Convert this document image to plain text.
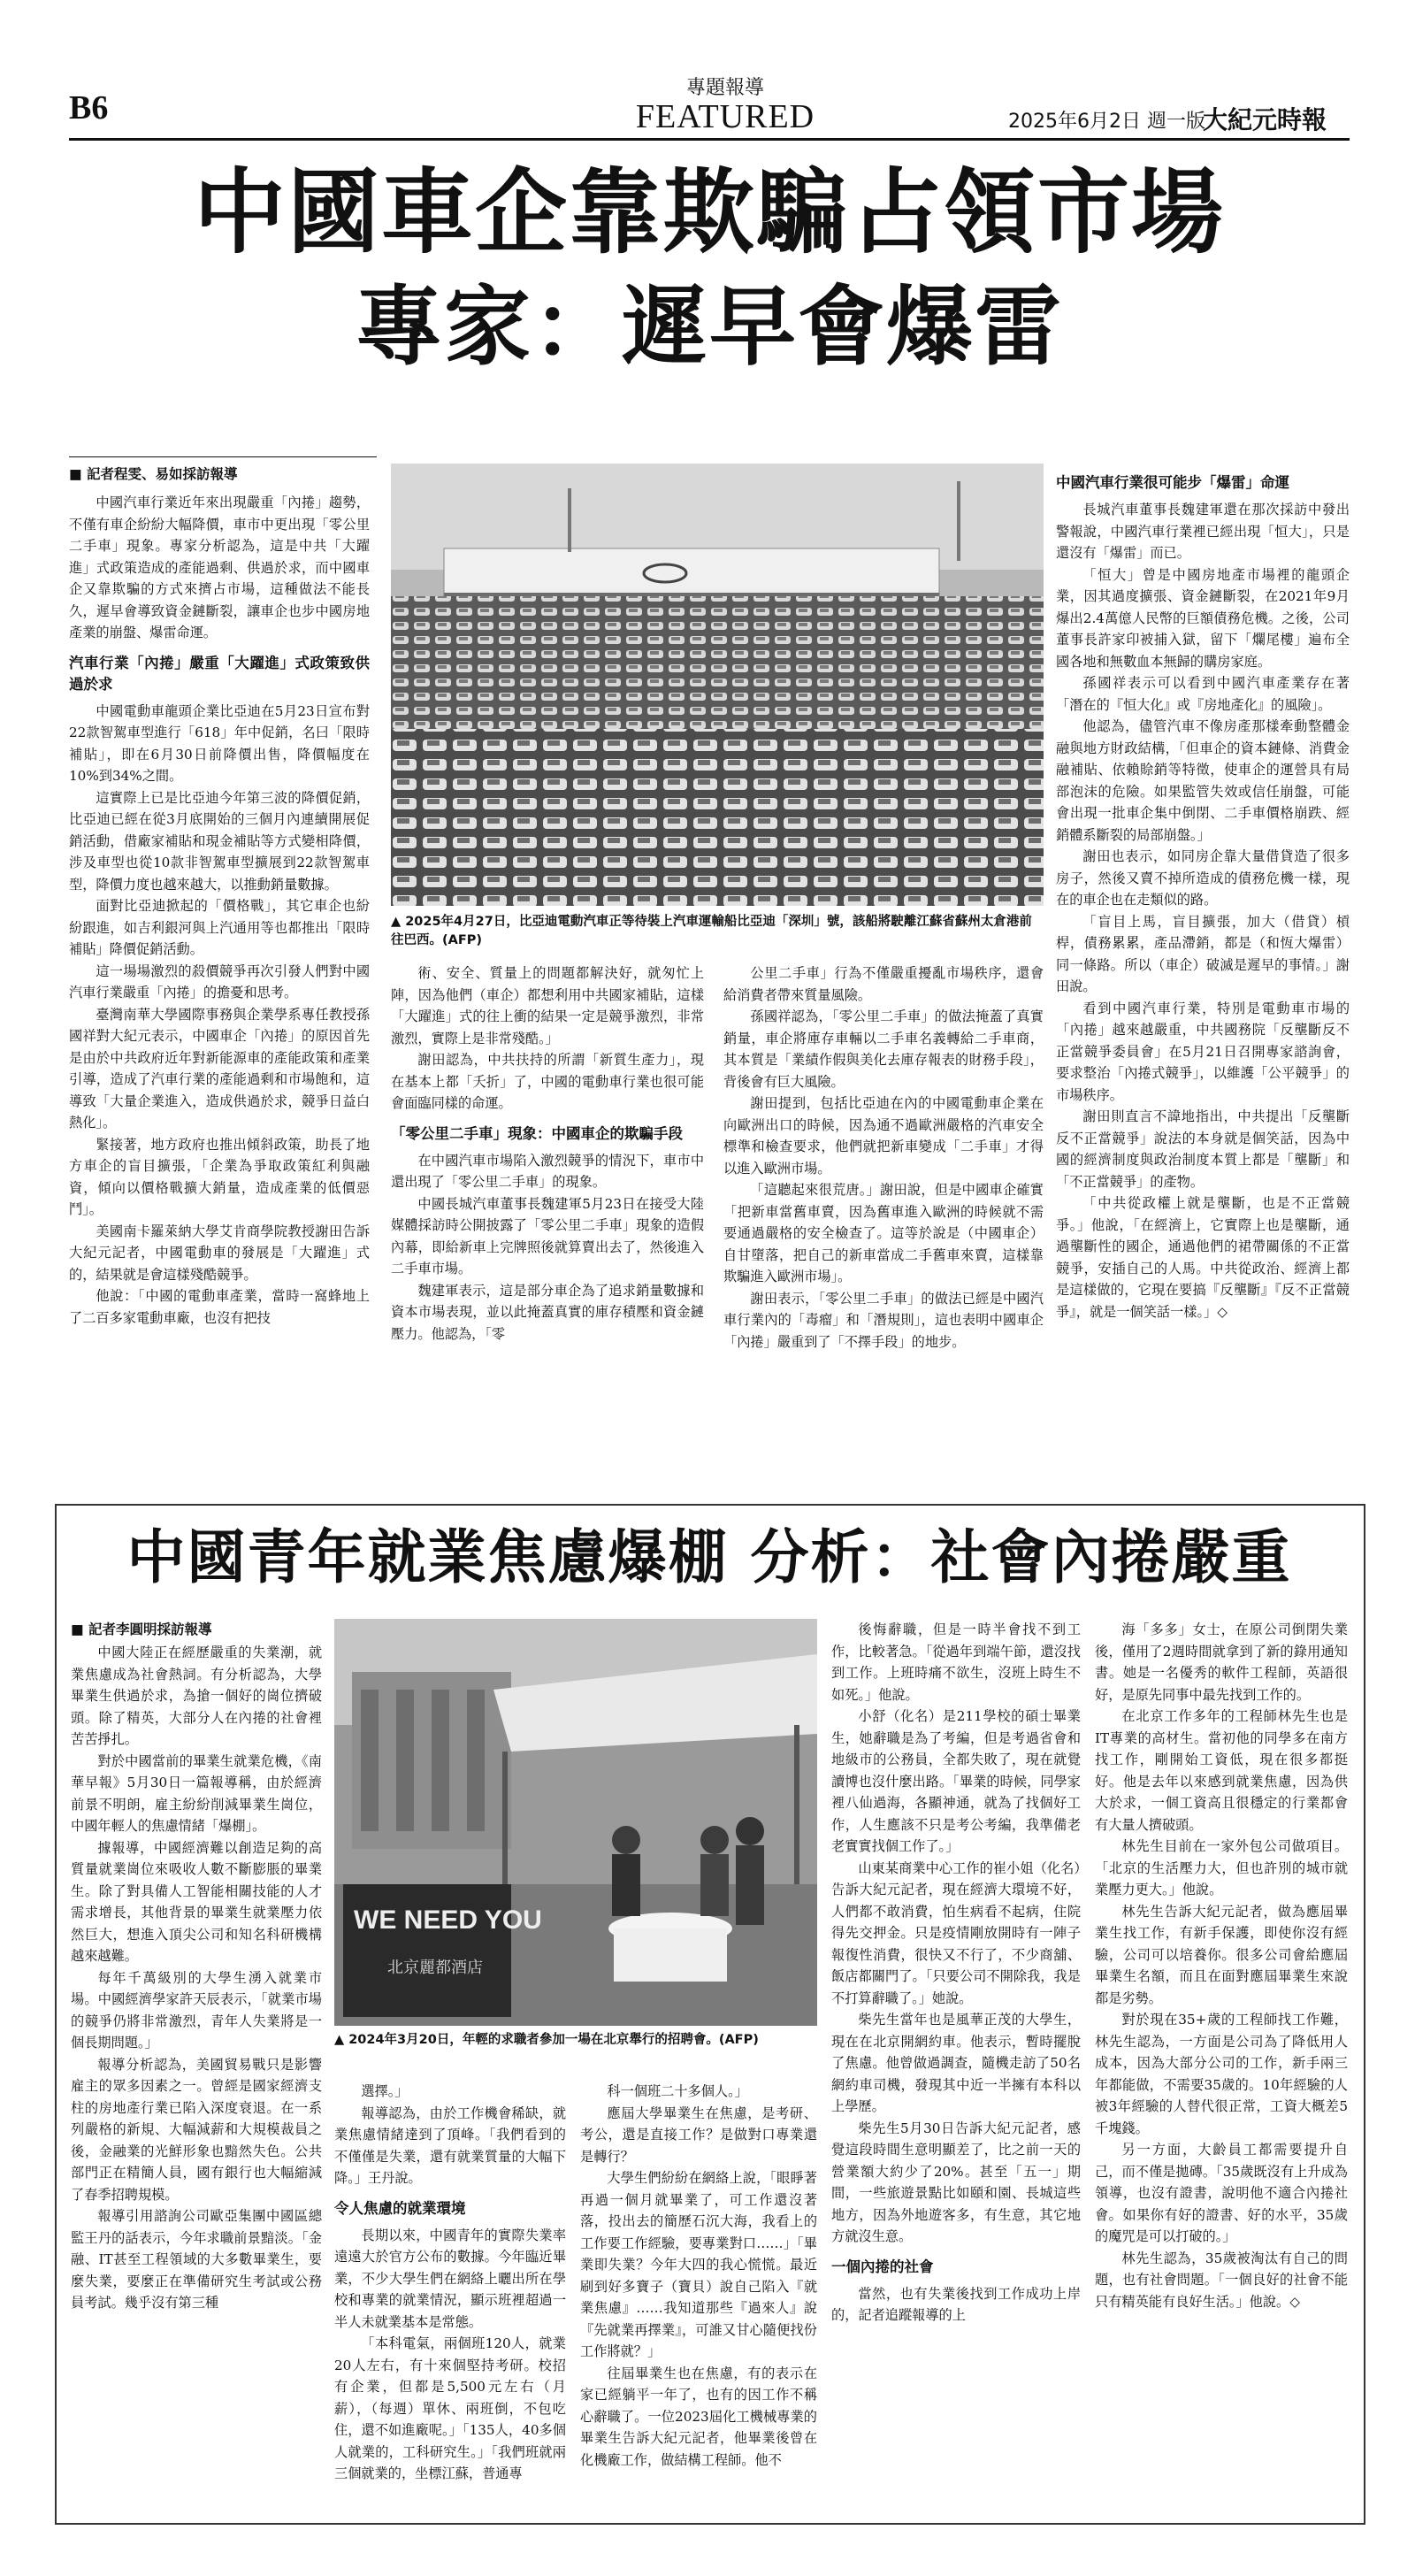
B6
專題報導
FEATURED	2025年6月2日 週一版
大紀元時報
中國車企靠欺騙占領市場
專家：遲早會爆雷
■ 記者程雯、易如採訪報導

中國汽車行業近年來出現嚴重「內捲」趨勢，不僅有車企紛紛大幅降價，車市中更出現「零公里二手車」現象。專家分析認為，這是中共「大躍進」式政策造成的產能過剩、供過於求，而中國車企又靠欺騙的方式來擠占市場，這種做法不能長久，遲早會導致資金鏈斷裂，讓車企也步中國房地產業的崩盤、爆雷命運。

汽車行業「內捲」嚴重「大躍進」式政策致供過於求

中國電動車龍頭企業比亞迪在5月23日宣布對22款智駕車型進行「618」年中促銷，名曰「限時補貼」，即在6月30日前降價出售，降價幅度在10%到34%之間。

這實際上已是比亞迪今年第三波的降價促銷，比亞迪已經在從3月底開始的三個月內連續開展促銷活動，借廠家補貼和現金補貼等方式變相降價，涉及車型也從10款非智駕車型擴展到22款智駕車型，降價力度也越來越大，以推動銷量數據。

面對比亞迪掀起的「價格戰」，其它車企也紛紛跟進，如吉利銀河與上汽通用等也都推出「限時補貼」降價促銷活動。

這一場場激烈的殺價競爭再次引發人們對中國汽車行業嚴重「內捲」的擔憂和思考。

臺灣南華大學國際事務與企業學系專任教授孫國祥對大紀元表示，中國車企「內捲」的原因首先是由於中共政府近年對新能源車的產能政策和產業引導，造成了汽車行業的產能過剩和市場飽和，這導致「大量企業進入，造成供過於求，競爭日益白熱化」。

緊接著，地方政府也推出傾斜政策，助長了地方車企的盲目擴張，「企業為爭取政策紅利與融資，傾向以價格戰擴大銷量，造成產業的低價惡鬥」。

美國南卡羅萊納大學艾肯商學院教授謝田告訴大紀元記者，中國電動車的發展是「大躍進」式的，結果就是會這樣殘酷競爭。

他說：「中國的電動車產業，當時一窩蜂地上了二百多家電動車廠，也沒有把技

▲ 2025年4月27日，比亞迪電動汽車正等待裝上汽車運輸船比亞迪「深圳」號，該船將駛離江蘇省蘇州太倉港前往巴西。(AFP)

術、安全、質量上的問題都解決好，就匆忙上陣，因為他們（車企）都想利用中共國家補貼，這樣「大躍進」式的往上衝的結果一定是競爭激烈，非常激烈，實際上是非常殘酷。」

謝田認為，中共扶持的所謂「新質生產力」，現在基本上都「夭折」了，中國的電動車行業也很可能會面臨同樣的命運。

「零公里二手車」現象：中國車企的欺騙手段

在中國汽車市場陷入激烈競爭的情況下，車市中還出現了「零公里二手車」的現象。

中國長城汽車董事長魏建軍5月23日在接受大陸媒體採訪時公開披露了「零公里二手車」現象的造假內幕，即給新車上完牌照後就算賣出去了，然後進入二手車市場。

魏建軍表示，這是部分車企為了追求銷量數據和資本市場表現，並以此掩蓋真實的庫存積壓和資金鏈壓力。他認為，「零

公里二手車」行為不僅嚴重擾亂市場秩序，還會給消費者帶來質量風險。

孫國祥認為，「零公里二手車」的做法掩蓋了真實銷量，車企將庫存車輛以二手車名義轉給二手車商，其本質是「業績作假與美化去庫存報表的財務手段」，背後會有巨大風險。

謝田提到，包括比亞迪在內的中國電動車企業在向歐洲出口的時候，因為通不過歐洲嚴格的汽車安全標準和檢查要求，他們就把新車變成「二手車」才得以進入歐洲市場。

「這聽起來很荒唐。」謝田說，但是中國車企確實「把新車當舊車賣，因為舊車進入歐洲的時候就不需要通過嚴格的安全檢查了。這等於說是（中國車企）自甘墮落，把自己的新車當成二手舊車來賣，這樣靠欺騙進入歐洲市場」。

謝田表示，「零公里二手車」的做法已經是中國汽車行業內的「毒瘤」和「潛規則」，這也表明中國車企「內捲」嚴重到了「不擇手段」的地步。

中國汽車行業很可能步「爆雷」命運

長城汽車董事長魏建軍還在那次採訪中發出警報說，中國汽車行業裡已經出現「恒大」，只是還沒有「爆雷」而已。

「恒大」曾是中國房地產市場裡的龍頭企業，因其過度擴張、資金鏈斷裂，在2021年9月爆出2.4萬億人民幣的巨額債務危機。之後，公司董事長許家印被捕入獄，留下「爛尾樓」遍布全國各地和無數血本無歸的購房家庭。

孫國祥表示可以看到中國汽車產業存在著「潛在的『恒大化』或『房地產化』的風險」。

他認為，儘管汽車不像房產那樣牽動整體金融與地方財政結構，「但車企的資本鏈條、消費金融補貼、依賴賒銷等特徵，使車企的運營具有局部泡沫的危險。如果監管失效或信任崩盤，可能會出現一批車企集中倒閉、二手車價格崩跌、經銷體系斷裂的局部崩盤。」

謝田也表示，如同房企靠大量借貸造了很多房子，然後又賣不掉所造成的債務危機一樣，現在的車企也在走類似的路。

「盲目上馬，盲目擴張，加大（借貸）槓桿，債務累累，產品滯銷，都是（和恆大爆雷）同一條路。所以（車企）破滅是遲早的事情。」謝田說。

看到中國汽車行業，特別是電動車市場的「內捲」越來越嚴重，中共國務院「反壟斷反不正當競爭委員會」在5月21日召開專家諮詢會，要求整治「內捲式競爭」，以維護「公平競爭」的市場秩序。

謝田則直言不諱地指出，中共提出「反壟斷反不正當競爭」說法的本身就是個笑話，因為中國的經濟制度與政治制度本質上都是「壟斷」和「不正當競爭」的產物。

「中共從政權上就是壟斷，也是不正當競爭。」他說，「在經濟上，它實際上也是壟斷，通過壟斷性的國企，通過他們的裙帶關係的不正當競爭，安插自己的人馬。中共從政治、經濟上都是這樣做的，它現在要搞『反壟斷』『反不正當競爭』，就是一個笑話一樣。」◇

中國青年就業焦慮爆棚 分析：社會內捲嚴重
■ 記者李圓明採訪報導

中國大陸正在經歷嚴重的失業潮，就業焦慮成為社會熱詞。有分析認為，大學畢業生供過於求，為搶一個好的崗位擠破頭。除了精英，大部分人在內捲的社會裡苦苦掙扎。

對於中國當前的畢業生就業危機，《南華早報》5月30日一篇報導稱，由於經濟前景不明朗，雇主紛紛削減畢業生崗位，中國年輕人的焦慮情緒「爆棚」。

據報導，中國經濟難以創造足夠的高質量就業崗位來吸收人數不斷膨脹的畢業生。除了對具備人工智能相關技能的人才需求增長，其他背景的畢業生就業壓力依然巨大，想進入頂尖公司和知名科研機構越來越難。

每年千萬級別的大學生湧入就業市場。中國經濟學家許天辰表示，「就業市場的競爭仍將非常激烈，青年人失業將是一個長期問題。」

報導分析認為，美國貿易戰只是影響雇主的眾多因素之一。曾經是國家經濟支柱的房地產行業已陷入深度衰退。在一系列嚴格的新規、大幅減薪和大規模裁員之後，金融業的光鮮形象也黯然失色。公共部門正在精簡人員，國有銀行也大幅縮減了春季招聘規模。

報導引用諮詢公司歐亞集團中國區總監王丹的話表示，今年求職前景黯淡。「金融、IT甚至工程領域的大多數畢業生，要麼失業，要麼正在準備研究生考試或公務員考試。幾乎沒有第三種

WE NEED YOU
北京麗都酒店
▲ 2024年3月20日，年輕的求職者參加一場在北京舉行的招聘會。(AFP)

選擇。」

報導認為，由於工作機會稀缺，就業焦慮情緒達到了頂峰。「我們看到的不僅僅是失業，還有就業質量的大幅下降。」王丹說。

令人焦慮的就業環境

長期以來，中國青年的實際失業率遠遠大於官方公布的數據。今年臨近畢業，不少大學生們在網絡上曬出所在學校和專業的就業情況，顯示班裡超過一半人未就業基本是常態。

「本科電氣，兩個班120人，就業20人左右，有十來個堅持考研。校招有企業，但都是5,500元左右（月薪），（每週）單休、兩班倒，不包吃住，還不如進廠呢。」「135人，40多個人就業的，工科研究生。」「我們班就兩三個就業的，坐標江蘇，普通專

科一個班二十多個人。」

應屆大學畢業生在焦慮，是考研、考公，還是直接工作？是做對口專業還是轉行？

大學生們紛紛在網絡上說，「眼睜著再過一個月就畢業了，可工作還沒著落，投出去的簡歷石沉大海，我看上的工作要工作經驗，要專業對口……」「畢業即失業？今年大四的我心慌慌。最近刷到好多寶子（寶貝）說自己陷入『就業焦慮』……我知道那些『過來人』說『先就業再擇業』，可誰又甘心隨便找份工作將就？」

往屆畢業生也在焦慮，有的表示在家已經躺平一年了，也有的因工作不稱心辭職了。一位2023屆化工機械專業的畢業生告訴大紀元記者，他畢業後曾在化機廠工作，做結構工程師。他不

後悔辭職，但是一時半會找不到工作，比較著急。「從過年到端午節，還沒找到工作。上班時痛不欲生，沒班上時生不如死。」他說。

小舒（化名）是211學校的碩士畢業生，她辭職是為了考編，但是考過省會和地級市的公務員，全都失敗了，現在就覺讀博也沒什麼出路。「畢業的時候，同學家裡八仙過海，各顯神通，就為了找個好工作，人生應該不只是考公考編，我準備老老實實找個工作了。」

山東某商業中心工作的崔小姐（化名）告訴大紀元記者，現在經濟大環境不好，人們都不敢消費，怕生病看不起病，住院得先交押金。只是疫情剛放開時有一陣子報復性消費，很快又不行了，不少商舖、飯店都關門了。「只要公司不開除我，我是不打算辭職了。」她說。

柴先生當年也是風華正茂的大學生，現在在北京開網約車。他表示，暫時擺脫了焦慮。他曾做過調查，隨機走訪了50名網約車司機，發現其中近一半擁有本科以上學歷。

柴先生5月30日告訴大紀元記者，感覺這段時間生意明顯差了，比之前一天的營業額大約少了20%。甚至「五一」期間，一些旅遊景點比如頤和園、長城這些地方，因為外地遊客多，有生意，其它地方就沒生意。

一個內捲的社會

當然，也有失業後找到工作成功上岸的，記者追蹤報導的上

海「多多」女士，在原公司倒閉失業後，僅用了2週時間就拿到了新的錄用通知書。她是一名優秀的軟件工程師，英語很好，是原先同事中最先找到工作的。

在北京工作多年的工程師林先生也是IT專業的高材生。當初他的同學多在南方找工作，剛開始工資低，現在很多都挺好。他是去年以來感到就業焦慮，因為供大於求，一個工資高且很穩定的行業都會有大量人擠破頭。

林先生目前在一家外包公司做項目。「北京的生活壓力大，但也許別的城市就業壓力更大。」他說。

林先生告訴大紀元記者，做為應屆畢業生找工作，有新手保護，即使你沒有經驗，公司可以培養你。很多公司會給應屆畢業生名額，而且在面對應屆畢業生來說都是劣勢。

對於現在35+歲的工程師找工作難，林先生認為，一方面是公司為了降低用人成本，因為大部分公司的工作，新手兩三年都能做，不需要35歲的。10年經驗的人被3年經驗的人替代很正常，工資大概差5千塊錢。

另一方面，大齡員工都需要提升自己，而不僅是拋磚。「35歲既沒有上升成為領導，也沒有證書，說明他不適合內捲社會。如果你有好的證書、好的水平，35歲的魔咒是可以打破的。」

林先生認為，35歲被淘汰有自己的問題，也有社會問題。「一個良好的社會不能只有精英能有良好生活。」他說。◇
